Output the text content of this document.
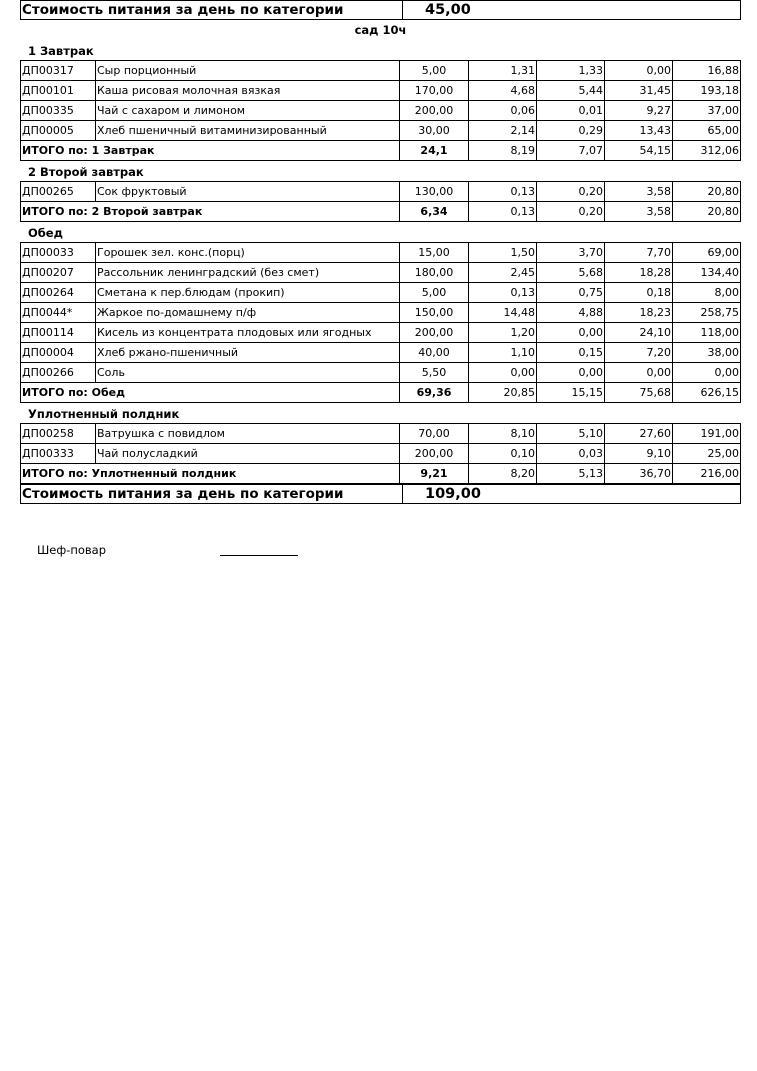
Стоимость питания за день по категории	45,00
сад 10ч
1 Завтрак
ДП00317	Сыр порционный	5,00	1,31	1,33	0,00	16,88
ДП00101	Каша рисовая молочная вязкая	170,00	4,68	5,44	31,45	193,18
ДП00335	Чай с сахаром и лимоном	200,00	0,06	0,01	9,27	37,00
ДП00005	Хлеб пшеничный витаминизированный	30,00	2,14	0,29	13,43	65,00
ИТОГО по: 1 Завтрак		24,1	8,19	7,07	54,15	312,06
2 Второй завтрак
ДП00265	Сок фруктовый	130,00	0,13	0,20	3,58	20,80
ИТОГО по: 2 Второй завтрак		6,34	0,13	0,20	3,58	20,80
Обед
ДП00033	Горошек зел. конс.(порц)	15,00	1,50	3,70	7,70	69,00
ДП00207	Рассольник ленинградский (без смет)	180,00	2,45	5,68	18,28	134,40
ДП00264	Сметана к пер.блюдам (прокип)	5,00	0,13	0,75	0,18	8,00
ДП0044*	Жаркое по-домашнему п/ф	150,00	14,48	4,88	18,23	258,75
ДП00114	Кисель из концентрата плодовых или ягодных	200,00	1,20	0,00	24,10	118,00
ДП00004	Хлеб ржано-пшеничный	40,00	1,10	0,15	7,20	38,00
ДП00266	Соль	5,50	0,00	0,00	0,00	0,00
ИТОГО по: Обед		69,36	20,85	15,15	75,68	626,15
Уплотненный полдник
ДП00258	Ватрушка с повидлом	70,00	8,10	5,10	27,60	191,00
ДП00333	Чай полусладкий	200,00	0,10	0,03	9,10	25,00
ИТОГО по: Уплотненный полдник		9,21	8,20	5,13	36,70	216,00
Стоимость питания за день по категории	109,00
Шеф-повар
